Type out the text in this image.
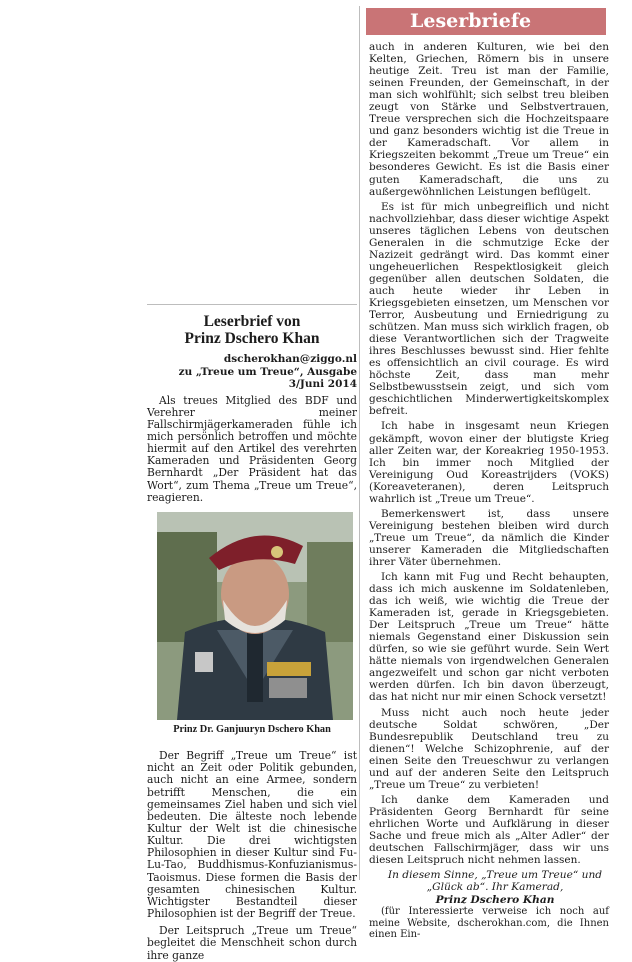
Leserbriefe
Leserbrief von
Prinz Dschero Khan

dscherokhan@ziggo.nl

zu „Treue um Treue“, Ausgabe 3/Juni 2014

Als treues Mitglied des BDF und Verehrer meiner Fallschirmjägerkameraden fühle ich mich persönlich betroffen und möchte hiermit auf den Artikel des verehrten Kameraden und Präsidenten Georg Bernhardt „Der Präsident hat das Wort“, zum Thema „Treue um Treue“, reagieren.

Prinz Dr. Ganjuuryn Dschero Khan

Der Begriff „Treue um Treue“ ist nicht an Zeit oder Politik gebunden, auch nicht an eine Armee, sondern betrifft Menschen, die ein gemeinsames Ziel haben und sich viel bedeuten. Die älteste noch lebende Kultur der Welt ist die chinesische Kultur. Die drei wichtigsten Philosophien in dieser Kultur sind Fu-Lu-Tao, Buddhismus-Konfuzianismus-Taoismus. Diese formen die Basis der gesamten chinesischen Kultur. Wichtigster Bestandteil dieser Philosophien ist der Begriff der Treue.

Der Leitspruch „Treue um Treue“ begleitet die Menschheit schon durch ihre ganze

auch in anderen Kulturen, wie bei den Kelten, Griechen, Römern bis in unsere heutige Zeit. Treu ist man der Familie, seinen Freunden, der Gemeinschaft, in der man sich wohlfühlt; sich selbst treu bleiben zeugt von Stärke und Selbstvertrauen, Treue versprechen sich die Hochzeitspaare und ganz besonders wichtig ist die Treue in der Kameradschaft. Vor allem in Kriegszeiten bekommt „Treue um Treue“ ein besonderes Gewicht. Es ist die Basis einer guten Kameradschaft, die uns zu außergewöhnlichen Leistungen beflügelt.

Es ist für mich unbegreiflich und nicht nachvollziehbar, dass dieser wichtige Aspekt unseres täglichen Lebens von deutschen Generalen in die schmutzige Ecke der Nazizeit gedrängt wird. Das kommt einer ungeheuerlichen Respektlosigkeit gleich gegenüber allen deutschen Soldaten, die auch heute wieder ihr Leben in Kriegsgebieten einsetzen, um Menschen vor Terror, Ausbeutung und Erniedrigung zu schützen. Man muss sich wirklich fragen, ob diese Verantwortlichen sich der Tragweite ihres Beschlusses bewusst sind. Hier fehlte es offensichtlich an civil courage. Es wird höchste Zeit, dass man mehr Selbstbewusstsein zeigt, und sich vom geschichtlichen Minderwertigkeitskomplex befreit.

Ich habe in insgesamt neun Kriegen gekämpft, wovon einer der blutigste Krieg aller Zeiten war, der Koreakrieg 1950-1953. Ich bin immer noch Mitglied der Vereinigung Oud Koreastrijders (VOKS) (Koreaveteranen), deren Leitspruch wahrlich ist „Treue um Treue“.

Bemerkenswert ist, dass unsere Vereinigung bestehen bleiben wird durch „Treue um Treue“, da nämlich die Kinder unserer Kameraden die Mitgliedschaften ihrer Väter übernehmen.

Ich kann mit Fug und Recht behaupten, dass ich mich auskenne im Soldatenleben, das ich weiß, wie wichtig die Treue der Kameraden ist, gerade in Kriegsgebieten. Der Leitspruch „Treue um Treue“ hätte niemals Gegenstand einer Diskussion sein dürfen, so wie sie geführt wurde. Sein Wert hätte niemals von irgendwelchen Generalen angezweifelt und schon gar nicht verboten werden dürfen. Ich bin davon überzeugt, das hat nicht nur mir einen Schock versetzt!

Muss nicht auch noch heute jeder deutsche Soldat schwören, „Der Bundesrepublik Deutschland treu zu dienen“! Welche Schizophrenie, auf der einen Seite den Treueschwur zu verlangen und auf der anderen Seite den Leitspruch „Treue um Treue“ zu verbieten!

Ich danke dem Kameraden und Präsidenten Georg Bernhardt für seine ehrlichen Worte und Aufklärung in dieser Sache und freue mich als „Alter Adler“ der deutschen Fallschirmjäger, dass wir uns diesen Leitspruch nicht nehmen lassen.

In diesem Sinne, „Treue um Treue“ und

„Glück ab“. Ihr Kamerad,

Prinz Dschero Khan

(für Interessierte verweise ich noch auf meine Website, dscherokhan.com, die Ihnen einen Ein-
